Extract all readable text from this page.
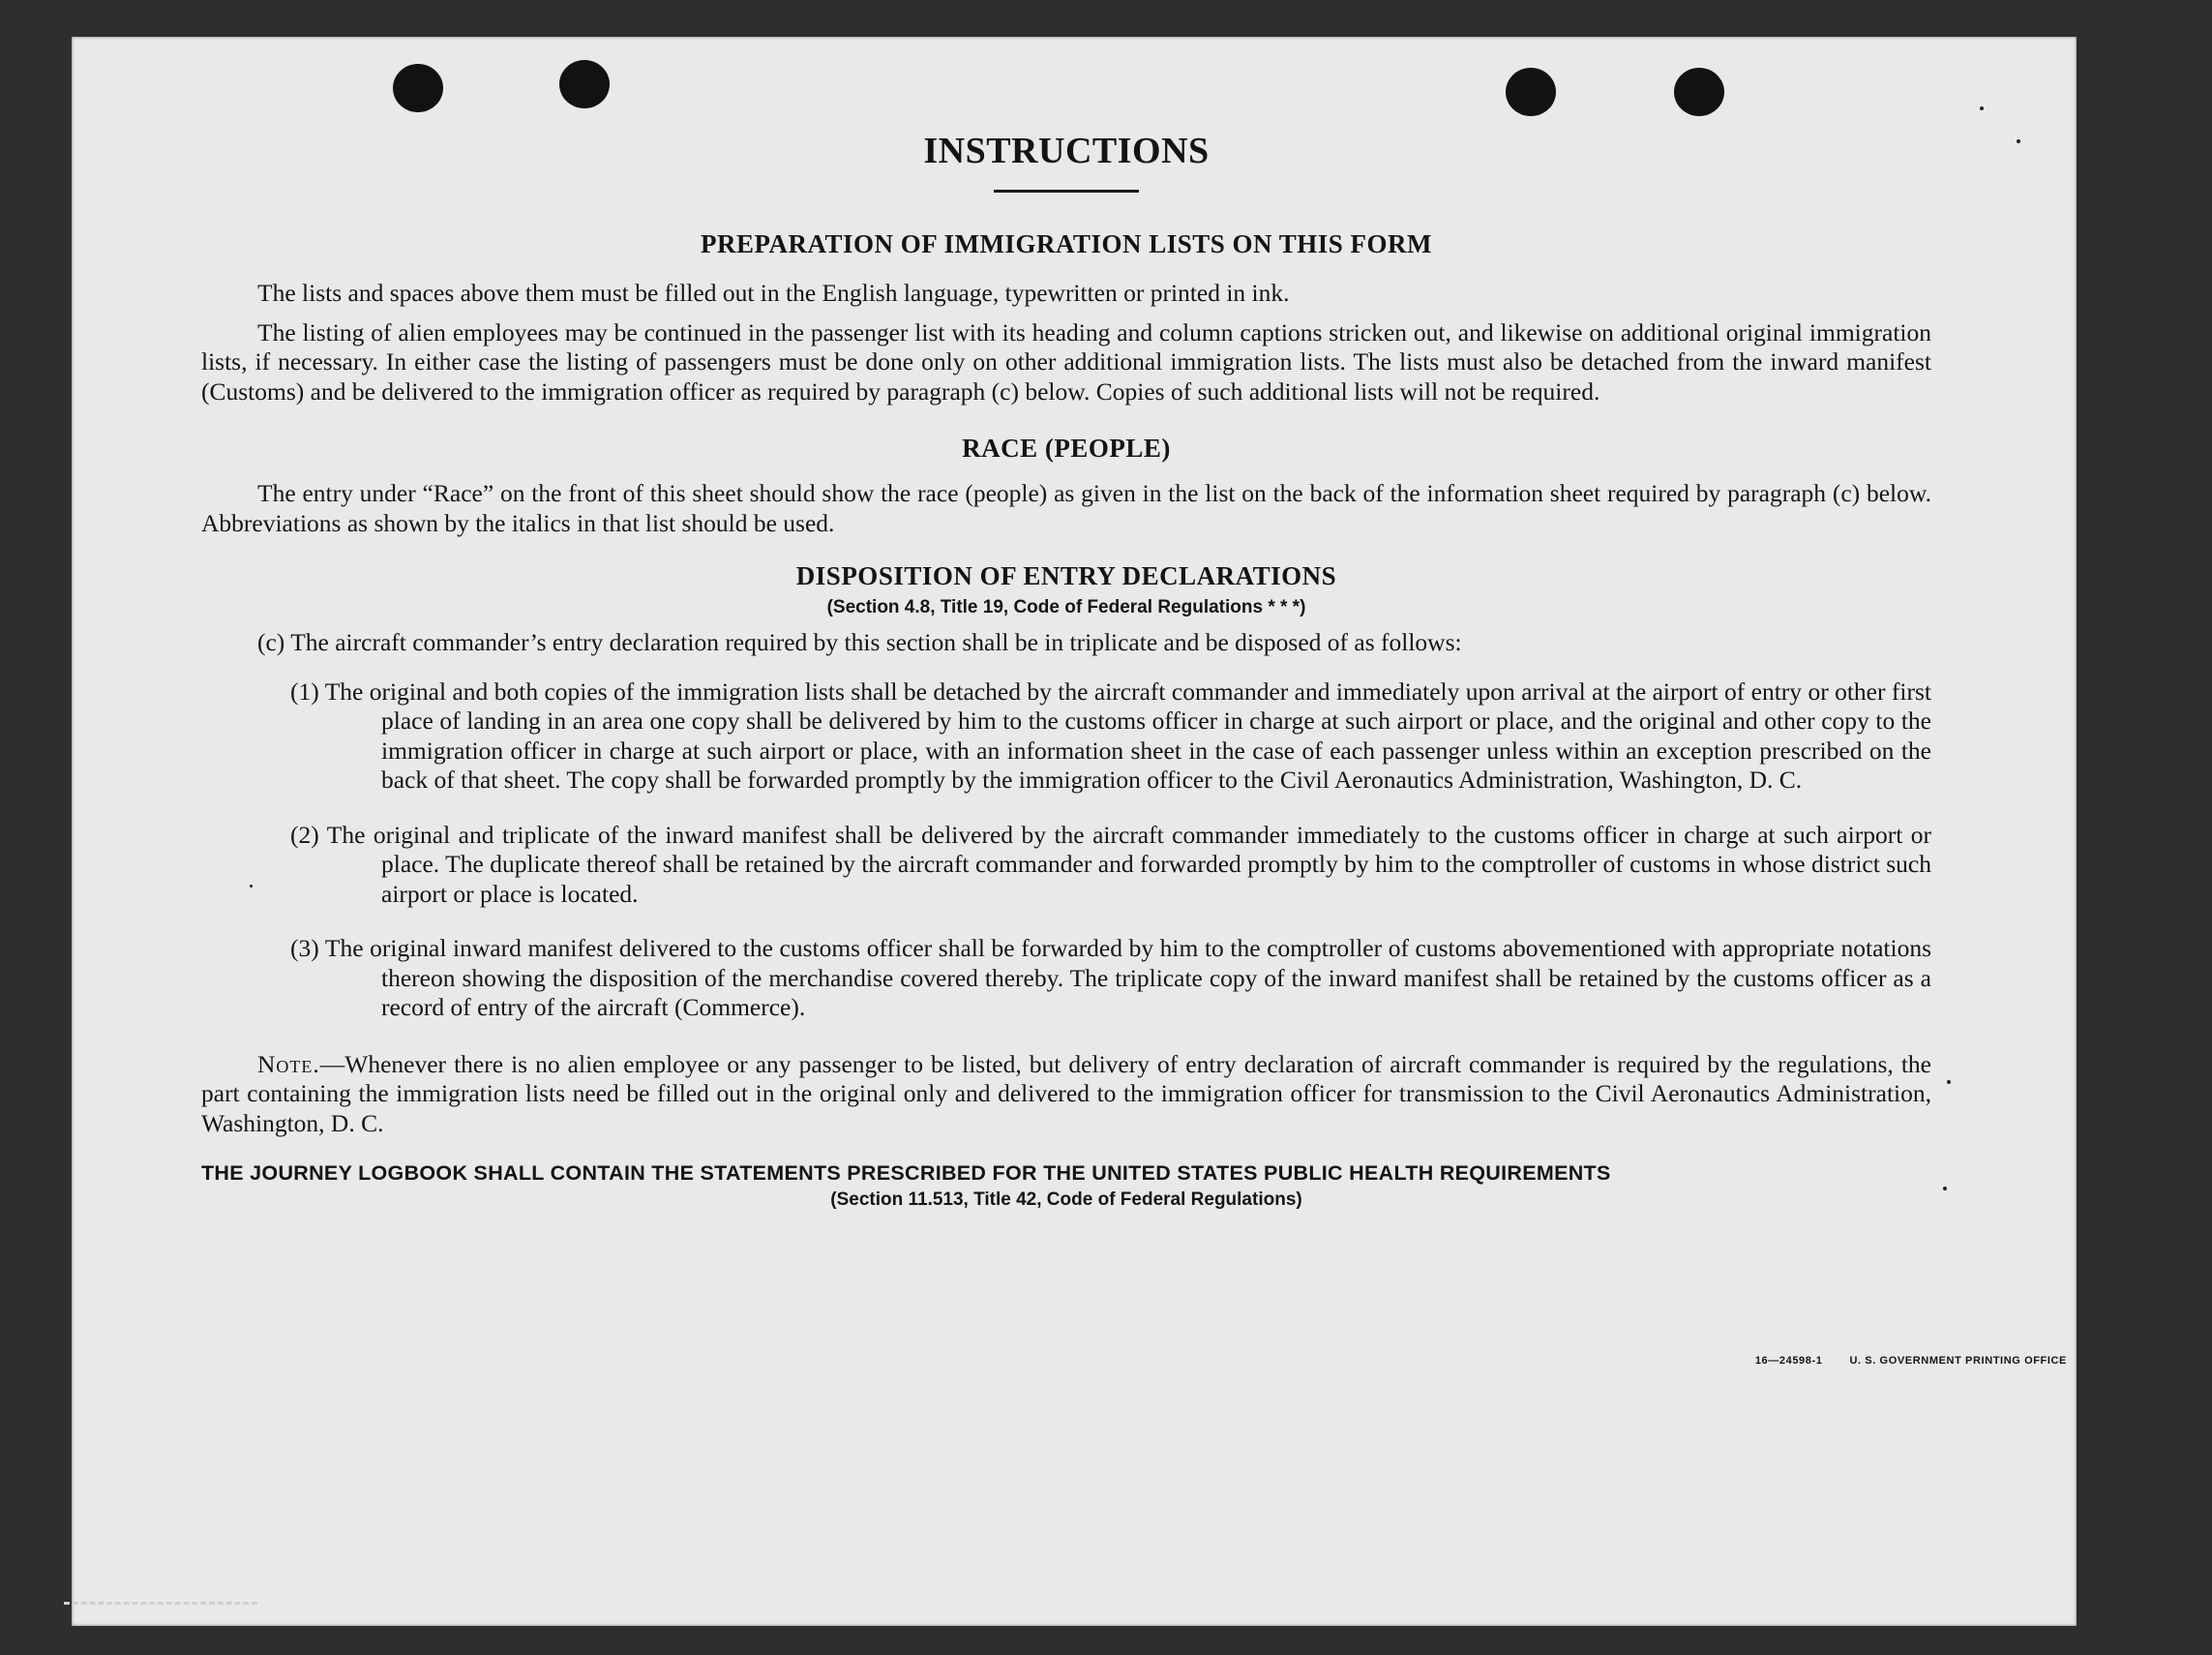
INSTRUCTIONS
PREPARATION OF IMMIGRATION LISTS ON THIS FORM

The lists and spaces above them must be filled out in the English language, typewritten or printed in ink.

The listing of alien employees may be continued in the passenger list with its heading and column captions stricken out, and likewise on additional original immigration lists, if necessary. In either case the listing of passengers must be done only on other additional immigration lists. The lists must also be detached from the inward manifest (Customs) and be delivered to the immigration officer as required by paragraph (c) below. Copies of such additional lists will not be required.

RACE (PEOPLE)

The entry under “Race” on the front of this sheet should show the race (people) as given in the list on the back of the information sheet required by paragraph (c) below. Abbreviations as shown by the italics in that list should be used.

DISPOSITION OF ENTRY DECLARATIONS
(Section 4.8, Title 19, Code of Federal Regulations * * *)

(c) The aircraft commander’s entry declaration required by this section shall be in triplicate and be disposed of as follows:

(1) The original and both copies of the immigration lists shall be detached by the aircraft commander and immediately upon arrival at the airport of entry or other first place of landing in an area one copy shall be delivered by him to the customs officer in charge at such airport or place, and the original and other copy to the immigration officer in charge at such airport or place, with an information sheet in the case of each passenger unless within an exception prescribed on the back of that sheet. The copy shall be forwarded promptly by the immigration officer to the Civil Aeronautics Administration, Washington, D. C.

(2) The original and triplicate of the inward manifest shall be delivered by the aircraft commander immediately to the customs officer in charge at such airport or place. The duplicate thereof shall be retained by the aircraft commander and forwarded promptly by him to the comptroller of customs in whose district such airport or place is located.

(3) The original inward manifest delivered to the customs officer shall be forwarded by him to the comptroller of customs abovementioned with appropriate notations thereon showing the disposition of the merchandise covered thereby. The triplicate copy of the inward manifest shall be retained by the customs officer as a record of entry of the aircraft (Commerce).

Note.—Whenever there is no alien employee or any passenger to be listed, but delivery of entry declaration of aircraft commander is required by the regulations, the part containing the immigration lists need be filled out in the original only and delivered to the immigration officer for transmission to the Civil Aeronautics Administration, Washington, D. C.

THE JOURNEY LOGBOOK SHALL CONTAIN THE STATEMENTS PRESCRIBED FOR THE UNITED STATES PUBLIC HEALTH REQUIREMENTS
(Section 11.513, Title 42, Code of Federal Regulations)
16—24598-1	U. S. GOVERNMENT PRINTING OFFICE
